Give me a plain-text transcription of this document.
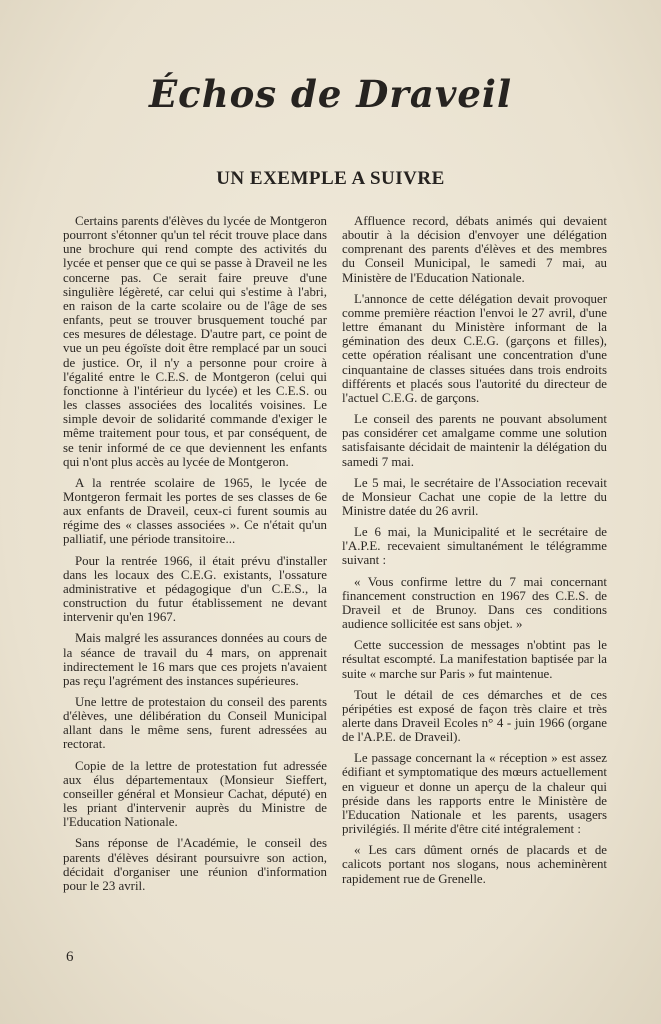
Échos de Draveil
UN EXEMPLE A SUIVRE

Certains parents d'élèves du lycée de Montgeron pourront s'étonner qu'un tel récit trouve place dans une brochure qui rend compte des activités du lycée et penser que ce qui se passe à Draveil ne les concerne pas. Ce serait faire preuve d'une singulière légèreté, car celui qui s'estime à l'abri, en raison de la carte scolaire ou de l'âge de ses enfants, peut se trouver brusquement touché par ces mesures de délestage. D'autre part, ce point de vue un peu égoïste doit être remplacé par un souci de justice. Or, il n'y a personne pour croire à l'égalité entre le C.E.S. de Montgeron (celui qui fonctionne à l'intérieur du lycée) et les C.E.S. ou les classes associées des localités voisines. Le simple devoir de solidarité commande d'exiger le même traitement pour tous, et par conséquent, de se tenir informé de ce que deviennent les enfants qui n'ont plus accès au lycée de Montgeron.

A la rentrée scolaire de 1965, le lycée de Montgeron fermait les portes de ses classes de 6e aux enfants de Draveil, ceux-ci furent soumis au régime des « classes associées ». Ce n'était qu'un palliatif, une période transitoire...

Pour la rentrée 1966, il était prévu d'installer dans les locaux des C.E.G. existants, l'ossature administrative et pédagogique d'un C.E.S., la construction du futur établissement ne devant intervenir qu'en 1967.

Mais malgré les assurances données au cours de la séance de travail du 4 mars, on apprenait indirectement le 16 mars que ces projets n'avaient pas reçu l'agrément des instances supérieures.

Une lettre de protestaion du conseil des parents d'élèves, une délibération du Conseil Municipal allant dans le même sens, furent adressées au rectorat.

Copie de la lettre de protestation fut adressée aux élus départementaux (Monsieur Sieffert, conseiller général et Monsieur Cachat, député) en les priant d'intervenir auprès du Ministre de l'Education Nationale.

Sans réponse de l'Académie, le conseil des parents d'élèves désirant poursuivre son action, décidait d'organiser une réunion d'information pour le 23 avril.

Affluence record, débats animés qui devaient aboutir à la décision d'envoyer une délégation comprenant des parents d'élèves et des membres du Conseil Municipal, le samedi 7 mai, au Ministère de l'Education Nationale.

L'annonce de cette délégation devait provoquer comme première réaction l'envoi le 27 avril, d'une lettre émanant du Ministère informant de la gémination des deux C.E.G. (garçons et filles), cette opération réalisant une concentration d'une cinquantaine de classes situées dans trois endroits différents et placés sous l'autorité du directeur de l'actuel C.E.G. de garçons.

Le conseil des parents ne pouvant absolument pas considérer cet amalgame comme une solution satisfaisante décidait de maintenir la délégation du samedi 7 mai.

Le 5 mai, le secrétaire de l'Association recevait de Monsieur Cachat une copie de la lettre du Ministre datée du 26 avril.

Le 6 mai, la Municipalité et le secrétaire de l'A.P.E. recevaient simultanément le télégramme suivant :

« Vous confirme lettre du 7 mai concernant financement construction en 1967 des C.E.S. de Draveil et de Brunoy. Dans ces conditions audience sollicitée est sans objet. »

Cette succession de messages n'obtint pas le résultat escompté. La manifestation baptisée par la suite « marche sur Paris » fut maintenue.

Tout le détail de ces démarches et de ces péripéties est exposé de façon très claire et très alerte dans Draveil Ecoles n° 4 - juin 1966 (organe de l'A.P.E. de Draveil).

Le passage concernant la « réception » est assez édifiant et symptomatique des mœurs actuellement en vigueur et donne un aperçu de la chaleur qui préside dans les rapports entre le Ministère de l'Education Nationale et les parents, usagers privilégiés. Il mérite d'être cité intégralement :

« Les cars dûment ornés de placards et de calicots portant nos slogans, nous acheminèrent rapidement rue de Grenelle.

6
